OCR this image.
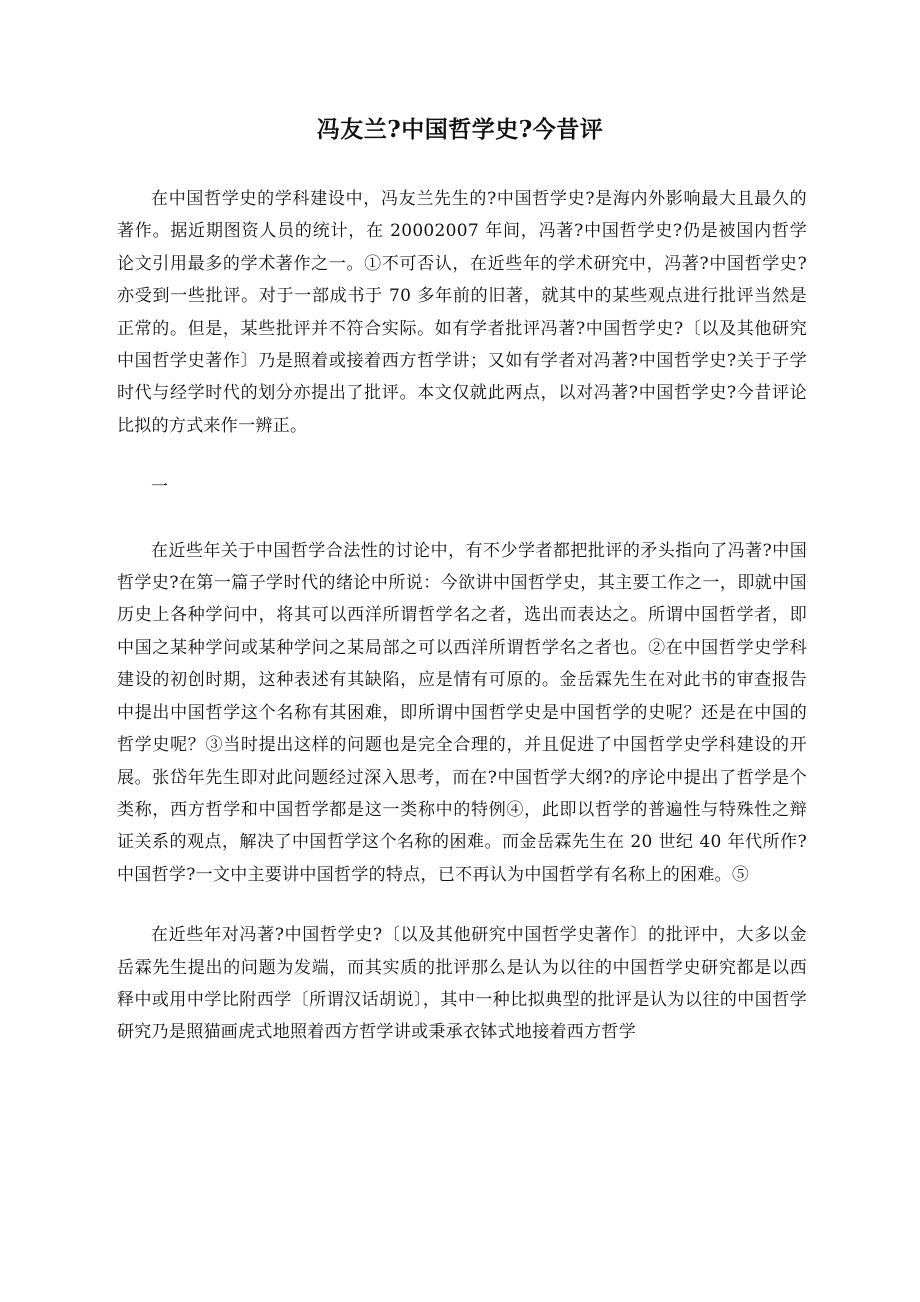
冯友兰?中国哲学史?今昔评

在中国哲学史的学科建设中，冯友兰先生的?中国哲学史?是海内外影响最大且最久的著作。据近期图资人员的统计，在 20002007 年间，冯著?中国哲学史?仍是被国内哲学论文引用最多的学术著作之一。①不可否认，在近些年的学术研究中，冯著?中国哲学史?亦受到一些批评。对于一部成书于 70 多年前的旧著，就其中的某些观点进行批评当然是正常的。但是，某些批评并不符合实际。如有学者批评冯著?中国哲学史?〔以及其他研究中国哲学史著作〕乃是照着或接着西方哲学讲；又如有学者对冯著?中国哲学史?关于子学时代与经学时代的划分亦提出了批评。本文仅就此两点，以对冯著?中国哲学史?今昔评论比拟的方式来作一辨正。

一

在近些年关于中国哲学合法性的讨论中，有不少学者都把批评的矛头指向了冯著?中国哲学史?在第一篇子学时代的绪论中所说：今欲讲中国哲学史，其主要工作之一，即就中国历史上各种学问中，将其可以西洋所谓哲学名之者，选出而表达之。所谓中国哲学者，即中国之某种学问或某种学问之某局部之可以西洋所谓哲学名之者也。②在中国哲学史学科建设的初创时期，这种表述有其缺陷，应是情有可原的。金岳霖先生在对此书的审查报告中提出中国哲学这个名称有其困难，即所谓中国哲学史是中国哲学的史呢？还是在中国的哲学史呢？③当时提出这样的问题也是完全合理的，并且促进了中国哲学史学科建设的开展。张岱年先生即对此问题经过深入思考，而在?中国哲学大纲?的序论中提出了哲学是个类称，西方哲学和中国哲学都是这一类称中的特例④，此即以哲学的普遍性与特殊性之辩证关系的观点，解决了中国哲学这个名称的困难。而金岳霖先生在 20 世纪 40 年代所作?中国哲学?一文中主要讲中国哲学的特点，已不再认为中国哲学有名称上的困难。⑤

在近些年对冯著?中国哲学史?〔以及其他研究中国哲学史著作〕的批评中，大多以金岳霖先生提出的问题为发端，而其实质的批评那么是认为以往的中国哲学史研究都是以西释中或用中学比附西学〔所谓汉话胡说〕，其中一种比拟典型的批评是认为以往的中国哲学研究乃是照猫画虎式地照着西方哲学讲或秉承衣钵式地接着西方哲学
